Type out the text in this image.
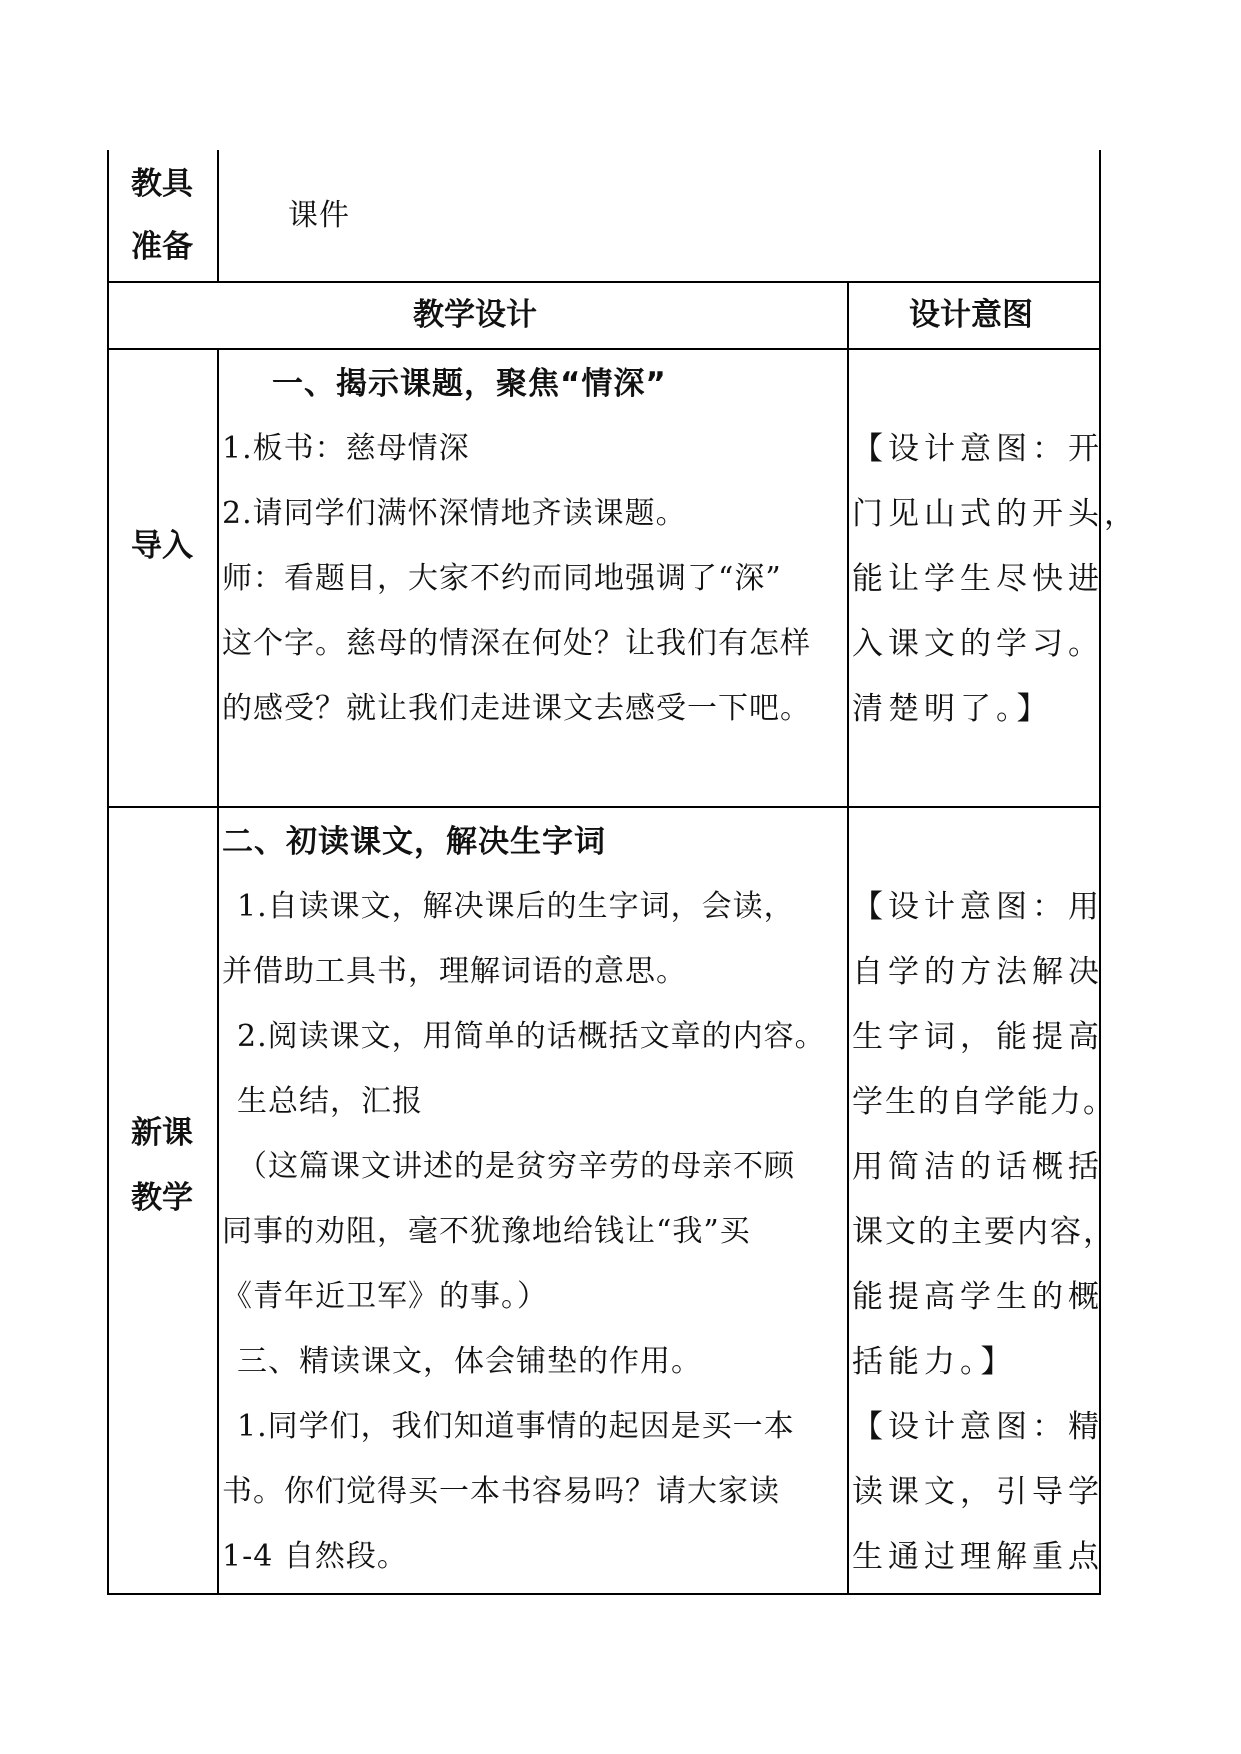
教具
准备
课件
教学设计	设计意图
导入
一、揭示课题，聚焦“情深”
1.板书：慈母情深
2.请同学们满怀深情地齐读课题。
师：看题目，大家不约而同地强调了“深”
这个字。慈母的情深在何处？让我们有怎样
的感受？就让我们走进课文去感受一下吧。
【设计意图：开
门见山式的开头，
能让学生尽快进
入课文的学习。
清楚明了。】
新课
教学
二、初读课文，解决生字词
1.自读课文，解决课后的生字词，会读，
并借助工具书，理解词语的意思。
2.阅读课文，用简单的话概括文章的内容。
生总结，汇报
（这篇课文讲述的是贫穷辛劳的母亲不顾
同事的劝阻，毫不犹豫地给钱让“我”买
《青年近卫军》的事。）
三、精读课文，体会铺垫的作用。
1.同学们，我们知道事情的起因是买一本
书。你们觉得买一本书容易吗？请大家读
1-4 自然段。
【设计意图：用
自学的方法解决
生字词，能提高
学生的自学能力。
用简洁的话概括
课文的主要内容，
能提高学生的概
括能力。】
【设计意图：精
读课文，引导学
生通过理解重点
